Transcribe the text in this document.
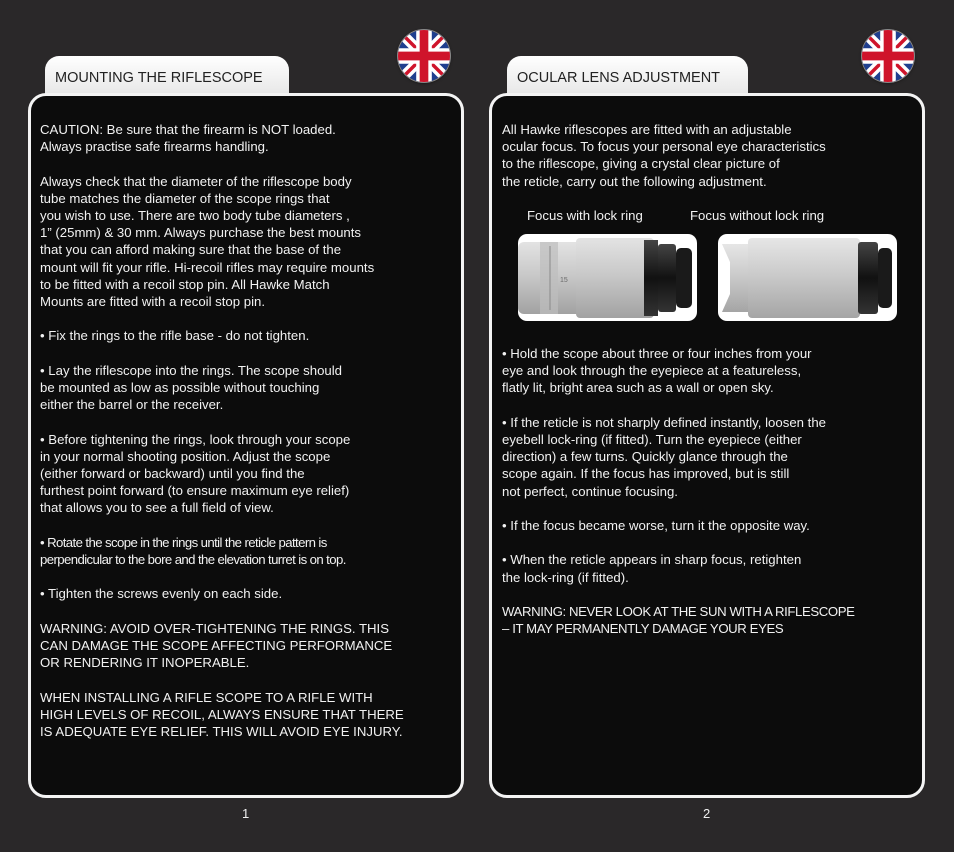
MOUNTING THE RIFLESCOPE

CAUTION: Be sure that the firearm is NOT loaded.
Always practise safe firearms handling.

Always check that the diameter of the riflescope body
tube matches the diameter of the scope rings that
you wish to use. There are two body tube diameters ,
1” (25mm) & 30 mm. Always purchase the best mounts
that you can afford making sure that the base of the
mount will fit your rifle. Hi-recoil rifles may require mounts
to be fitted with a recoil stop pin. All Hawke Match
Mounts are fitted with a recoil stop pin.

• Fix the rings to the rifle base - do not tighten.

• Lay the riflescope into the rings. The scope should
be mounted as low as possible without touching
either the barrel or the receiver.

• Before tightening the rings, look through your scope
in your normal shooting position. Adjust the scope
(either forward or backward) until you find the
furthest point forward (to ensure maximum eye relief)
that allows you to see a full field of view.

• Rotate the scope in the rings until the reticle pattern is
perpendicular to the bore and the elevation turret is on top.

• Tighten the screws evenly on each side.

WARNING: AVOID OVER-TIGHTENING THE RINGS. THIS
CAN DAMAGE THE SCOPE AFFECTING PERFORMANCE
OR RENDERING IT INOPERABLE.

WHEN INSTALLING A RIFLE SCOPE TO A RIFLE WITH
HIGH LEVELS OF RECOIL, ALWAYS ENSURE THAT THERE
IS ADEQUATE EYE RELIEF. THIS WILL AVOID EYE INJURY.

1
OCULAR LENS ADJUSTMENT

All Hawke riflescopes are fitted with an adjustable
ocular focus. To focus your personal eye characteristics
to the riflescope, giving a crystal clear picture of
the reticle, carry out the following adjustment.

Focus with lock ring	Focus without lock ring
15

• Hold the scope about three or four inches from your
eye and look through the eyepiece at a featureless,
flatly lit, bright area such as a wall or open sky.

• If the reticle is not sharply defined instantly, loosen the
eyebell lock-ring (if fitted). Turn the eyepiece (either
direction) a few turns. Quickly glance through the
scope again. If the focus has improved, but is still
not perfect, continue focusing.

• If the focus became worse, turn it the opposite way.

• When the reticle appears in sharp focus, retighten
the lock-ring (if fitted).

WARNING: NEVER LOOK AT THE SUN WITH A RIFLESCOPE
– IT MAY PERMANENTLY DAMAGE YOUR EYES

2
